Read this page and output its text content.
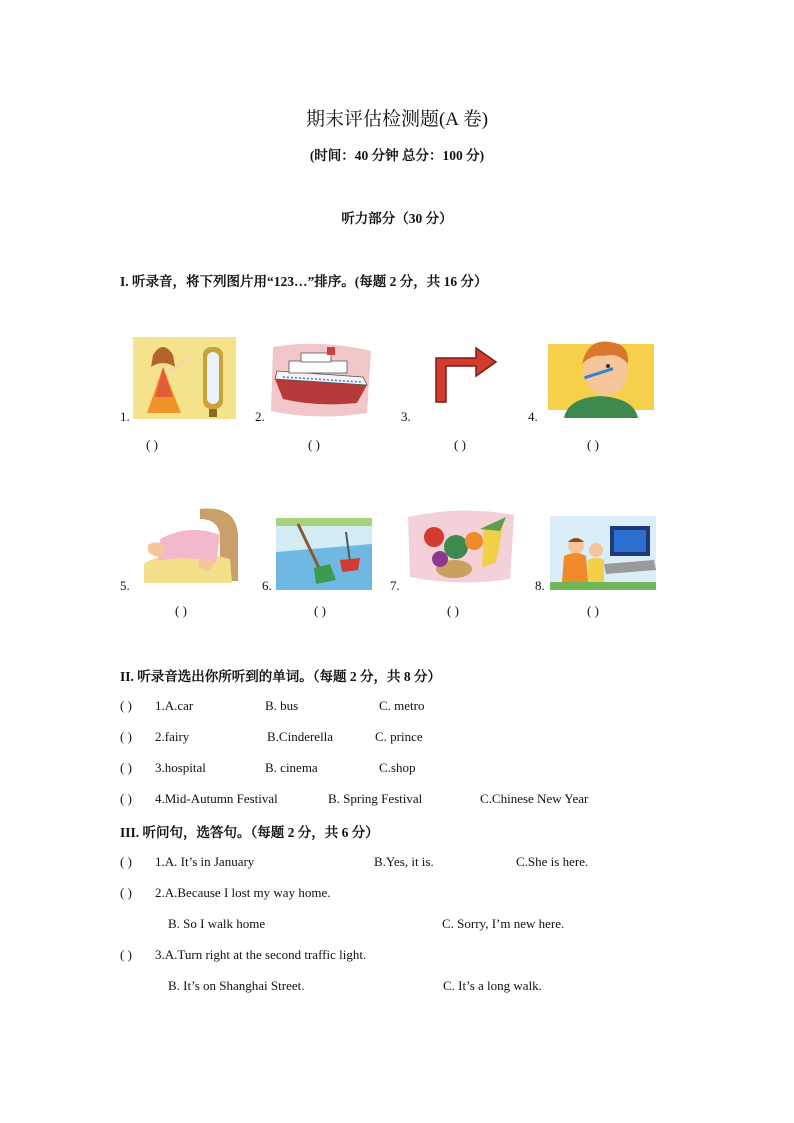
期末评估检测题(A 卷)
(时间：40 分钟 总分：100 分)
听力部分（30 分）
I. 听录音，将下列图片用“123…”排序。(每题 2 分，共 16 分）
1.
( )
2.
( )
3.
( )
4.
( )
5.
( )
6.
( )
7.
( )
8.
( )
II. 听录音选出你所听到的单词。（每题 2 分，共 8 分）
( ) 1.A.car	B. bus	C. metro
( ) 2.fairy	B.Cinderella	C. prince
( ) 3.hospital	B. cinema	C.shop
( ) 4.Mid-Autumn Festival	B. Spring Festival	C.Chinese New Year
III. 听问句，选答句。（每题 2 分，共 6 分）
( ) 1.A. It’s in January	B.Yes, it is.	C.She is here.
( ) 2.A.Because I lost my way home.
B. So I walk home	C. Sorry, I’m new here.
( ) 3.A.Turn right at the second traffic light.
B. It’s on Shanghai Street.	C. It’s a long walk.
